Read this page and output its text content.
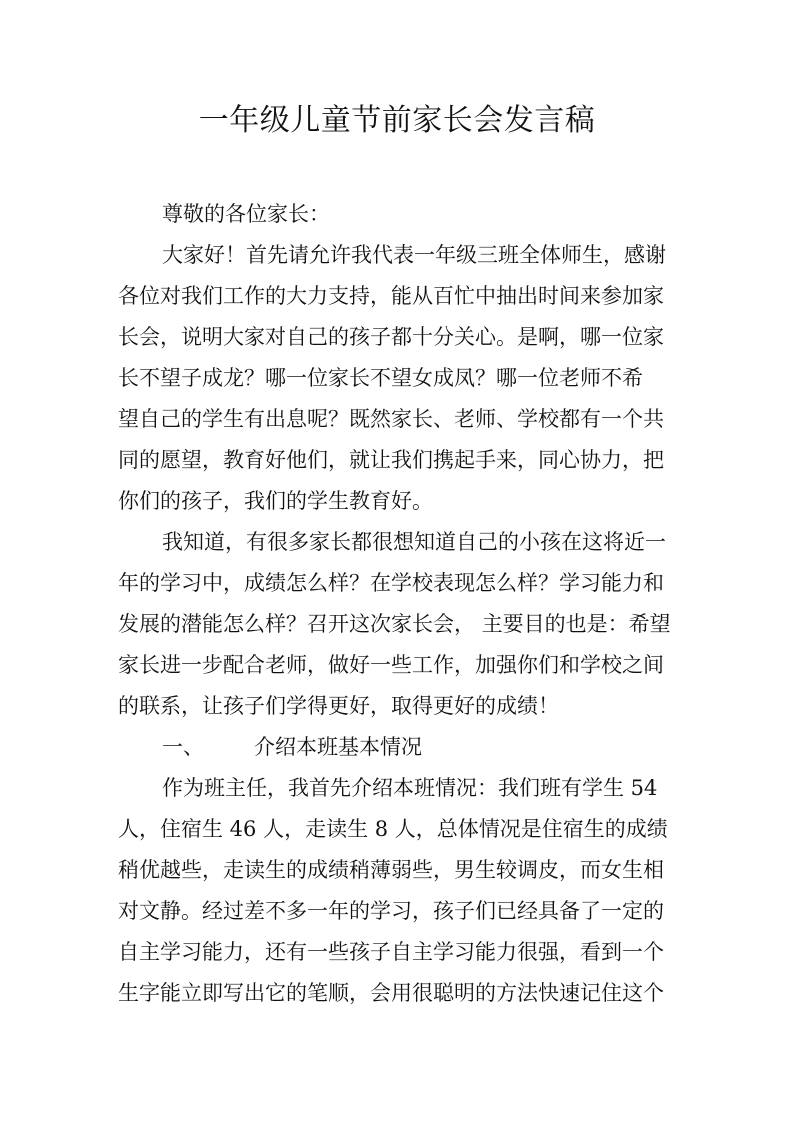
一年级儿童节前家长会发言稿
尊敬的各位家长：
大家好！首先请允许我代表一年级三班全体师生，感谢
各位对我们工作的大力支持，能从百忙中抽出时间来参加家
长会，说明大家对自己的孩子都十分关心。是啊，哪一位家
长不望子成龙？哪一位家长不望女成凤？哪一位老师不希
望自己的学生有出息呢？既然家长、老师、学校都有一个共
同的愿望，教育好他们，就让我们携起手来，同心协力，把
你们的孩子，我们的学生教育好。
我知道，有很多家长都很想知道自己的小孩在这将近一
年的学习中，成绩怎么样？在学校表现怎么样？学习能力和
发展的潜能怎么样？召开这次家长会， 主要目的也是：希望
家长进一步配合老师，做好一些工作，加强你们和学校之间
的联系，让孩子们学得更好，取得更好的成绩！
一、 介绍本班基本情况
作为班主任，我首先介绍本班情况：我们班有学生 54
人，住宿生 46 人，走读生 8 人，总体情况是住宿生的成绩
稍优越些，走读生的成绩稍薄弱些，男生较调皮，而女生相
对文静。经过差不多一年的学习，孩子们已经具备了一定的
自主学习能力，还有一些孩子自主学习能力很强，看到一个
生字能立即写出它的笔顺，会用很聪明的方法快速记住这个
